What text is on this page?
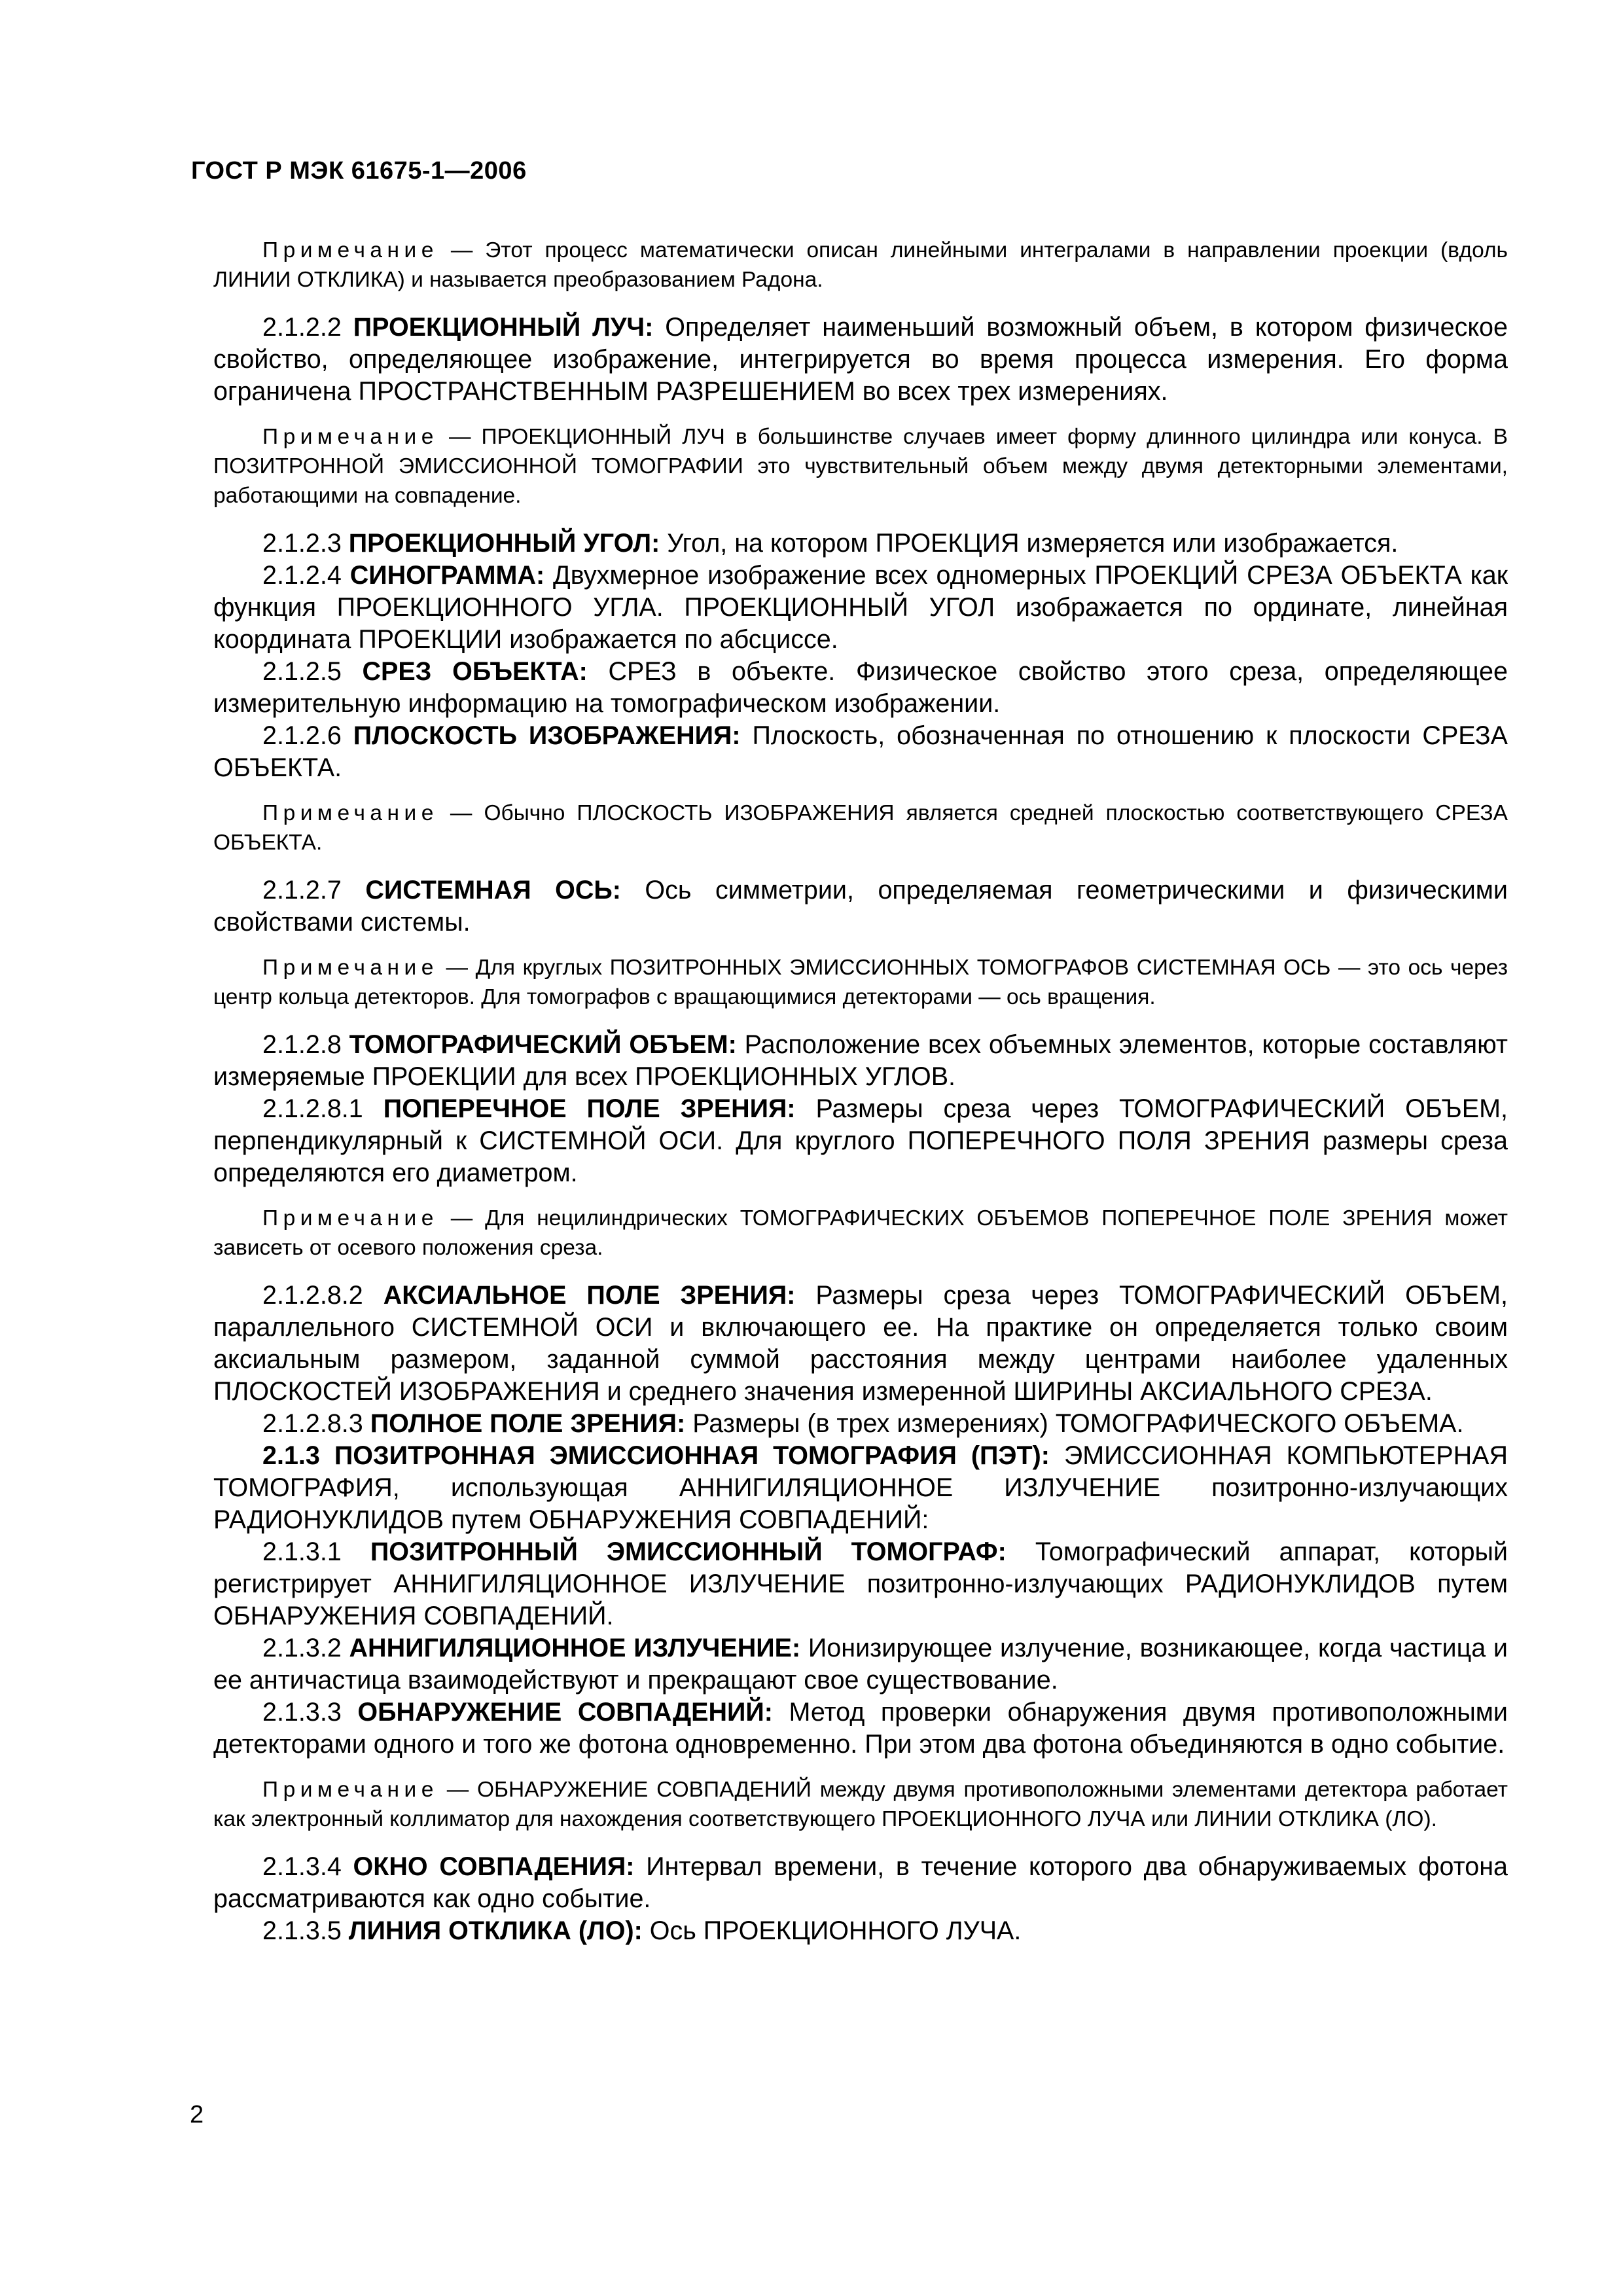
ГОСТ Р МЭК 61675-1—2006

Примечание — Этот процесс математически описан линейными интегралами в направлении проекции (вдоль ЛИНИИ ОТКЛИКА) и называется преобразованием Радона.

2.1.2.2 ПРОЕКЦИОННЫЙ ЛУЧ: Определяет наименьший возможный объем, в котором физическое свойство, определяющее изображение, интегрируется во время процесса измерения. Его форма ограничена ПРОСТРАНСТВЕННЫМ РАЗРЕШЕНИЕМ во всех трех измерениях.

Примечание — ПРОЕКЦИОННЫЙ ЛУЧ в большинстве случаев имеет форму длинного цилиндра или конуса. В ПОЗИТРОННОЙ ЭМИССИОННОЙ ТОМОГРАФИИ это чувствительный объем между двумя детекторными элементами, работающими на совпадение.

2.1.2.3 ПРОЕКЦИОННЫЙ УГОЛ: Угол, на котором ПРОЕКЦИЯ измеряется или изображается.

2.1.2.4 СИНОГРАММА: Двухмерное изображение всех одномерных ПРОЕКЦИЙ СРЕЗА ОБЪЕКТА как функция ПРОЕКЦИОННОГО УГЛА. ПРОЕКЦИОННЫЙ УГОЛ изображается по ординате, линейная координата ПРОЕКЦИИ изображается по абсциссе.

2.1.2.5 СРЕЗ ОБЪЕКТА: СРЕЗ в объекте. Физическое свойство этого среза, определяющее измерительную информацию на томографическом изображении.

2.1.2.6 ПЛОСКОСТЬ ИЗОБРАЖЕНИЯ: Плоскость, обозначенная по отношению к плоскости СРЕЗА ОБЪЕКТА.

Примечание — Обычно ПЛОСКОСТЬ ИЗОБРАЖЕНИЯ является средней плоскостью соответствующего СРЕЗА ОБЪЕКТА.

2.1.2.7 СИСТЕМНАЯ ОСЬ: Ось симметрии, определяемая геометрическими и физическими свойствами системы.

Примечание — Для круглых ПОЗИТРОННЫХ ЭМИССИОННЫХ ТОМОГРАФОВ СИСТЕМНАЯ ОСЬ — это ось через центр кольца детекторов. Для томографов с вращающимися детекторами — ось вращения.

2.1.2.8 ТОМОГРАФИЧЕСКИЙ ОБЪЕМ: Расположение всех объемных элементов, которые составляют измеряемые ПРОЕКЦИИ для всех ПРОЕКЦИОННЫХ УГЛОВ.

2.1.2.8.1 ПОПЕРЕЧНОЕ ПОЛЕ ЗРЕНИЯ: Размеры среза через ТОМОГРАФИЧЕСКИЙ ОБЪЕМ, перпендикулярный к СИСТЕМНОЙ ОСИ. Для круглого ПОПЕРЕЧНОГО ПОЛЯ ЗРЕНИЯ размеры среза определяются его диаметром.

Примечание — Для нецилиндрических ТОМОГРАФИЧЕСКИХ ОБЪЕМОВ ПОПЕРЕЧНОЕ ПОЛЕ ЗРЕНИЯ может зависеть от осевого положения среза.

2.1.2.8.2 АКСИАЛЬНОЕ ПОЛЕ ЗРЕНИЯ: Размеры среза через ТОМОГРАФИЧЕСКИЙ ОБЪЕМ, параллельного СИСТЕМНОЙ ОСИ и включающего ее. На практике он определяется только своим аксиальным размером, заданной суммой расстояния между центрами наиболее удаленных ПЛОСКОСТЕЙ ИЗОБРАЖЕНИЯ и среднего значения измеренной ШИРИНЫ АКСИАЛЬНОГО СРЕЗА.

2.1.2.8.3 ПОЛНОЕ ПОЛЕ ЗРЕНИЯ: Размеры (в трех измерениях) ТОМОГРАФИЧЕСКОГО ОБЪЕМА.

2.1.3 ПОЗИТРОННАЯ ЭМИССИОННАЯ ТОМОГРАФИЯ (ПЭТ): ЭМИССИОННАЯ КОМПЬЮТЕРНАЯ ТОМОГРАФИЯ, использующая АННИГИЛЯЦИОННОЕ ИЗЛУЧЕНИЕ позитронно-излучающих РАДИОНУКЛИДОВ путем ОБНАРУЖЕНИЯ СОВПАДЕНИЙ:

2.1.3.1 ПОЗИТРОННЫЙ ЭМИССИОННЫЙ ТОМОГРАФ: Томографический аппарат, который регистрирует АННИГИЛЯЦИОННОЕ ИЗЛУЧЕНИЕ позитронно-излучающих РАДИОНУКЛИДОВ путем ОБНАРУЖЕНИЯ СОВПАДЕНИЙ.

2.1.3.2 АННИГИЛЯЦИОННОЕ ИЗЛУЧЕНИЕ: Ионизирующее излучение, возникающее, когда частица и ее античастица взаимодействуют и прекращают свое существование.

2.1.3.3 ОБНАРУЖЕНИЕ СОВПАДЕНИЙ: Метод проверки обнаружения двумя противоположными детекторами одного и того же фотона одновременно. При этом два фотона объединяются в одно событие.

Примечание — ОБНАРУЖЕНИЕ СОВПАДЕНИЙ между двумя противоположными элементами детектора работает как электронный коллиматор для нахождения соответствующего ПРОЕКЦИОННОГО ЛУЧА или ЛИНИИ ОТКЛИКА (ЛО).

2.1.3.4 ОКНО СОВПАДЕНИЯ: Интервал времени, в течение которого два обнаруживаемых фотона рассматриваются как одно событие.

2.1.3.5 ЛИНИЯ ОТКЛИКА (ЛО): Ось ПРОЕКЦИОННОГО ЛУЧА.

2
